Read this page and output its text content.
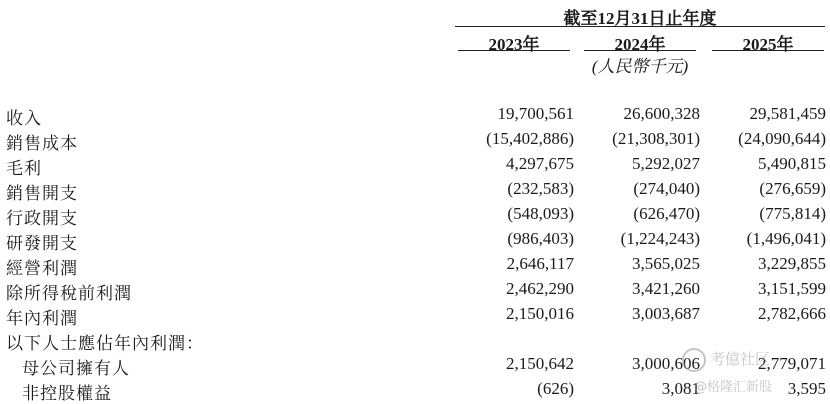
截至12月31日止年度
2023年	2024年	2025年
(人民幣千元)
收入	19,700,561	26,600,328	29,581,459
銷售成本	(15,402,886) (21,308,301) (24,090,644)
毛利	4,297,675	5,292,027	5,490,815
銷售開支	(232,583)	(274,040)	(276,659)
行政開支	(548,093)	(626,470)	(775,814)
研發開支	(986,403)	(1,224,243)	(1,496,041)
經營利潤	2,646,117	3,565,025	3,229,855
除所得稅前利潤	2,462,290	3,421,260	3,151,599
年內利潤	2,150,016	3,003,687	2,782,666
以下人士應佔年內利潤：
母公司擁有人	2,150,642	3,000,606	2,779,071
非控股權益	(626)	3,081	3,595
考億社区
@格隆汇新股
